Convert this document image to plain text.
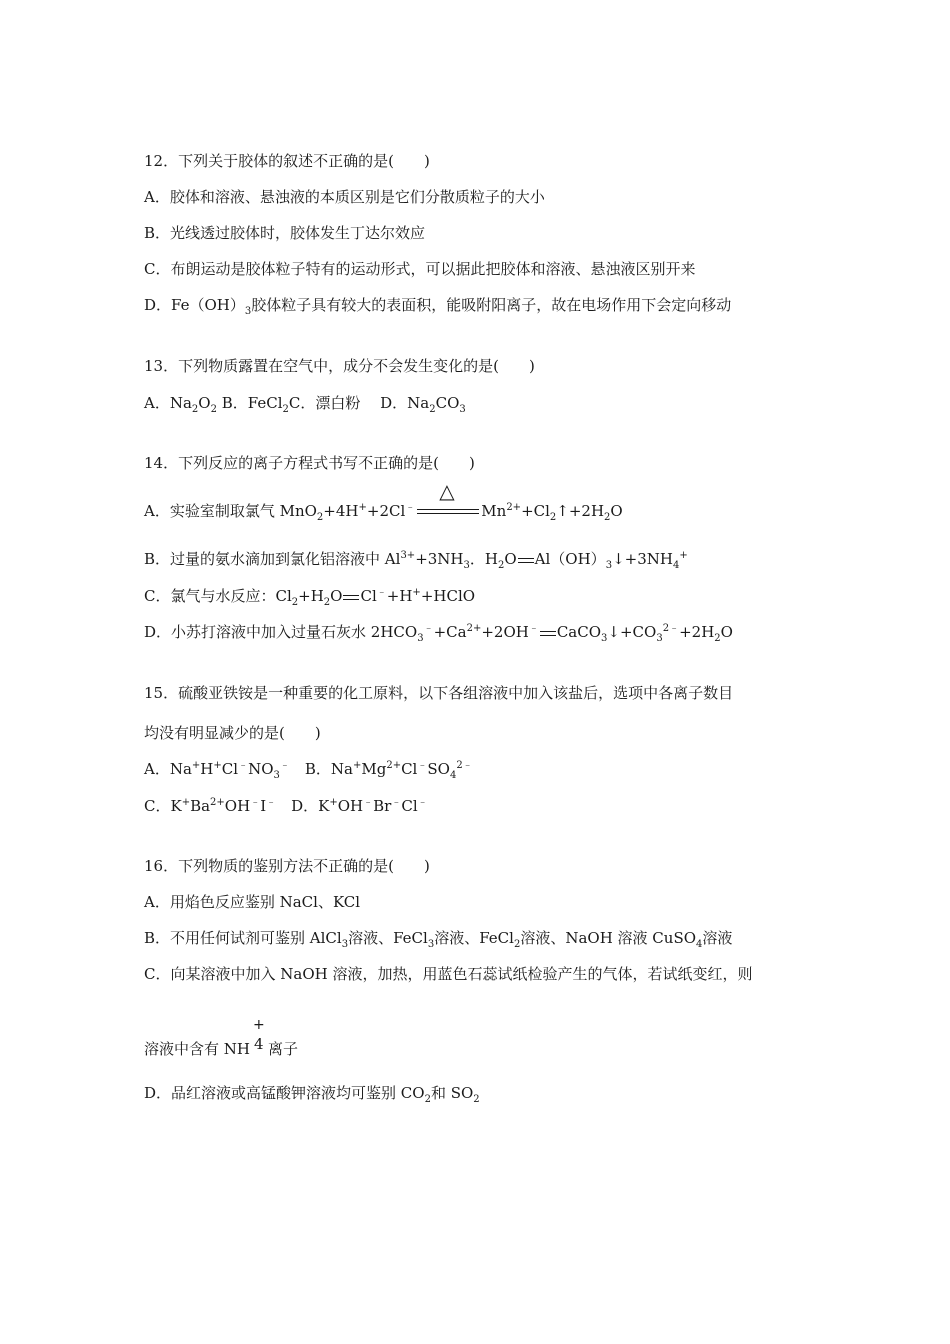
12．下列关于胶体的叙述不正确的是(　　)
A．胶体和溶液、悬浊液的本质区别是它们分散质粒子的大小
B．光线透过胶体时，胶体发生丁达尔效应
C．布朗运动是胶体粒子特有的运动形式，可以据此把胶体和溶液、悬浊液区别开来
D．$Fe(OH)_3$胶体粒子具有较大的表面积，能吸附阳离子，故在电场作用下会定向移动
13．下列物质露置在空气中，成分不会发生变化的是(　　)
A．$Na_2O_2$ B．FeCl$_2$C．漂白粉　 D．$Na_2CO_3$
14．下列反应的离子方程式书写不正确的是(　　)
A．实验室制取氯气 MnO$_2$+4H++2Cl﹣
△
$Mn^{2+}+Cl_2↑+2H_2O$
B．过量的氨水滴加到氯化铝溶液中 $Al^{3+}+3NH_3$．$H_2O$ $Al(OH)_3↓+3NH_4^+$
C．氯气与水反应：$Cl_2+H_2O$ Cl﹣+H++HClO
D．小苏打溶液中加入过量石灰水 $2HCO_3^﹣+Ca^{2+}+2OH^﹣$ $CaCO_3↓+CO_3^{2﹣}+2H_2O$
15．硫酸亚铁铵是一种重要的化工原料，以下各组溶液中加入该盐后，选项中各离子数目
均没有明显减少的是(　　)
A．$Na^+H^+Cl^﹣NO_3^﹣$　B．$Na^+Mg^{2+}Cl^﹣SO_4^{2﹣}$
C．$K^+Ba^{2+}OH^﹣I^﹣$　D．K+OH﹣Br﹣Cl﹣
16．下列物质的鉴别方法不正确的是(　　)
A．用焰色反应鉴别 NaCl、KCl
B．不用任何试剂可鉴别 AlCl$_3$溶液、FeCl$_3$溶液、FeCl$_2$溶液、NaOH 溶液 CuSO$_4$溶液
C．向某溶液中加入 NaOH 溶液，加热，用蓝色石蕊试纸检验产生的气体，若试纸变红，则
溶液中含有 NH
+
4 离子
D．品红溶液或高锰酸钾溶液均可鉴别 $CO_2$和 $SO_2$
